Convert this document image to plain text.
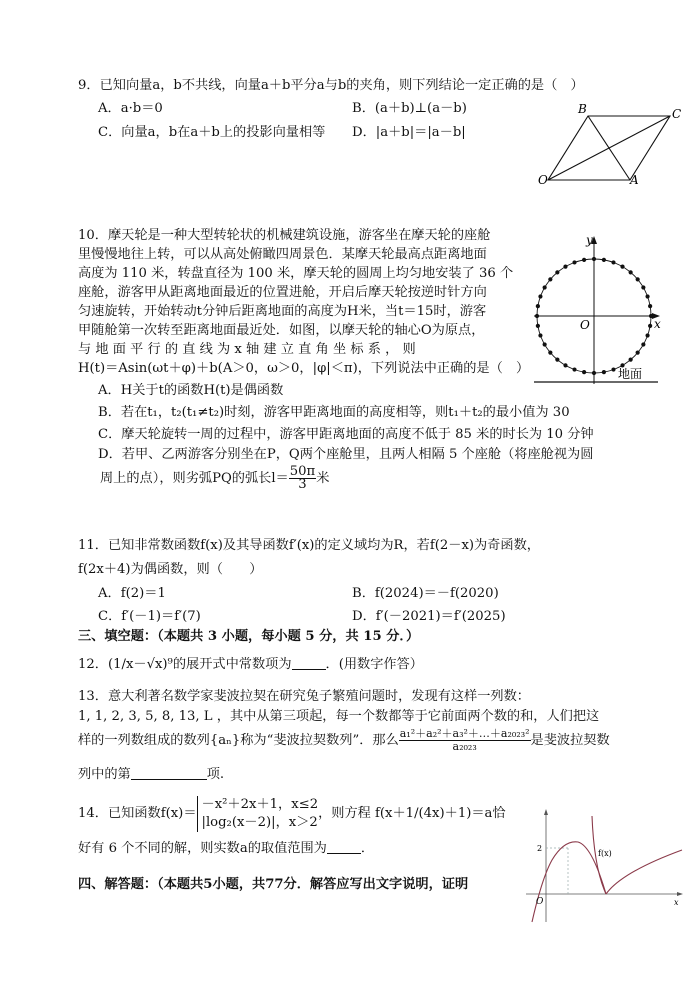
9．已知向量a，b不共线，向量a＋b平分a与b的夹角，则下列结论一定正确的是（　）
A．a·b＝0	B．(a＋b)⊥(a－b)
C．向量a，b在a＋b上的投影向量相等 D．|a＋b|＝|a－b|
B	C
O	A
10．摩天轮是一种大型转轮状的机械建筑设施，游客坐在摩天轮的座舱
里慢慢地往上转，可以从高处俯瞰四周景色．某摩天轮最高点距离地面
高度为 110 米，转盘直径为 100 米，摩天轮的圆周上均匀地安装了 36 个
座舱，游客甲从距离地面最近的位置进舱，开启后摩天轮按逆时针方向
匀速旋转，开始转动t分钟后距离地面的高度为H米，当t＝15时，游客
甲随舱第一次转至距离地面最近处．如图，以摩天轮的轴心O为原点，
与 地 面 平 行 的 直 线 为 x 轴 建 立 直 角 坐 标 系 ， 则
H(t)＝Asin(ωt＋φ)＋b(A＞0，ω＞0，|φ|＜π)，下列说法中正确的是（　）
A．H关于t的函数H(t)是偶函数
B．若在t₁，t₂(t₁≠t₂)时刻，游客甲距离地面的高度相等，则t₁＋t₂的最小值为 30
C．摩天轮旋转一周的过程中，游客甲距离地面的高度不低于 85 米的时长为 10 分钟
D．若甲、乙两游客分别坐在P，Q两个座舱里，且两人相隔 5 个座舱（将座舱视为圆
周上的点），则劣弧PQ的弧长$l= \frac{50\pi}{3}$ 米
y
x
O
地面
11．已知非常数函数f(x)及其导函数f′(x)的定义域均为R，若f(2－x)为奇函数，
f(2x＋4)为偶函数，则（　　）
A．f(2)＝1	B．f(2024)＝－f(2020)
C．f′(－1)＝f′(7)	D．f′(－2021)＝f′(2025)
三、填空题：（本题共 3 小题，每小题 5 分，共 15 分．）
12．(1/x－√x)⁹的展开式中常数项为	．(用数字作答）
13．意大利著名数学家斐波拉契在研究兔子繁殖问题时，发现有这样一列数：
1, 1, 2, 3, 5, 8, 13, L ，其中从第三项起，每一个数都等于它前面两个数的和，人们把这
样的一列数组成的数列{aₙ}称为“斐波拉契数列”．那么 $\frac{\text{a₁²＋a₂²＋a₃²＋…＋a₂₀₂₃²}}{\text{a₂₀₂₃}}$ 是斐波拉契数
列中的第	项.
14．已知函数f(x)＝
－x²＋2x＋1，x≤2
|log₂(x－2)|，x＞2
，则方程 f(x＋1/(4x)＋1)＝a恰
好有 6 个不同的解，则实数a的取值范围为	．	2
O
f(x)
x
四、解答题：（本题共5小题，共77分．解答应写出文字说明，证明
